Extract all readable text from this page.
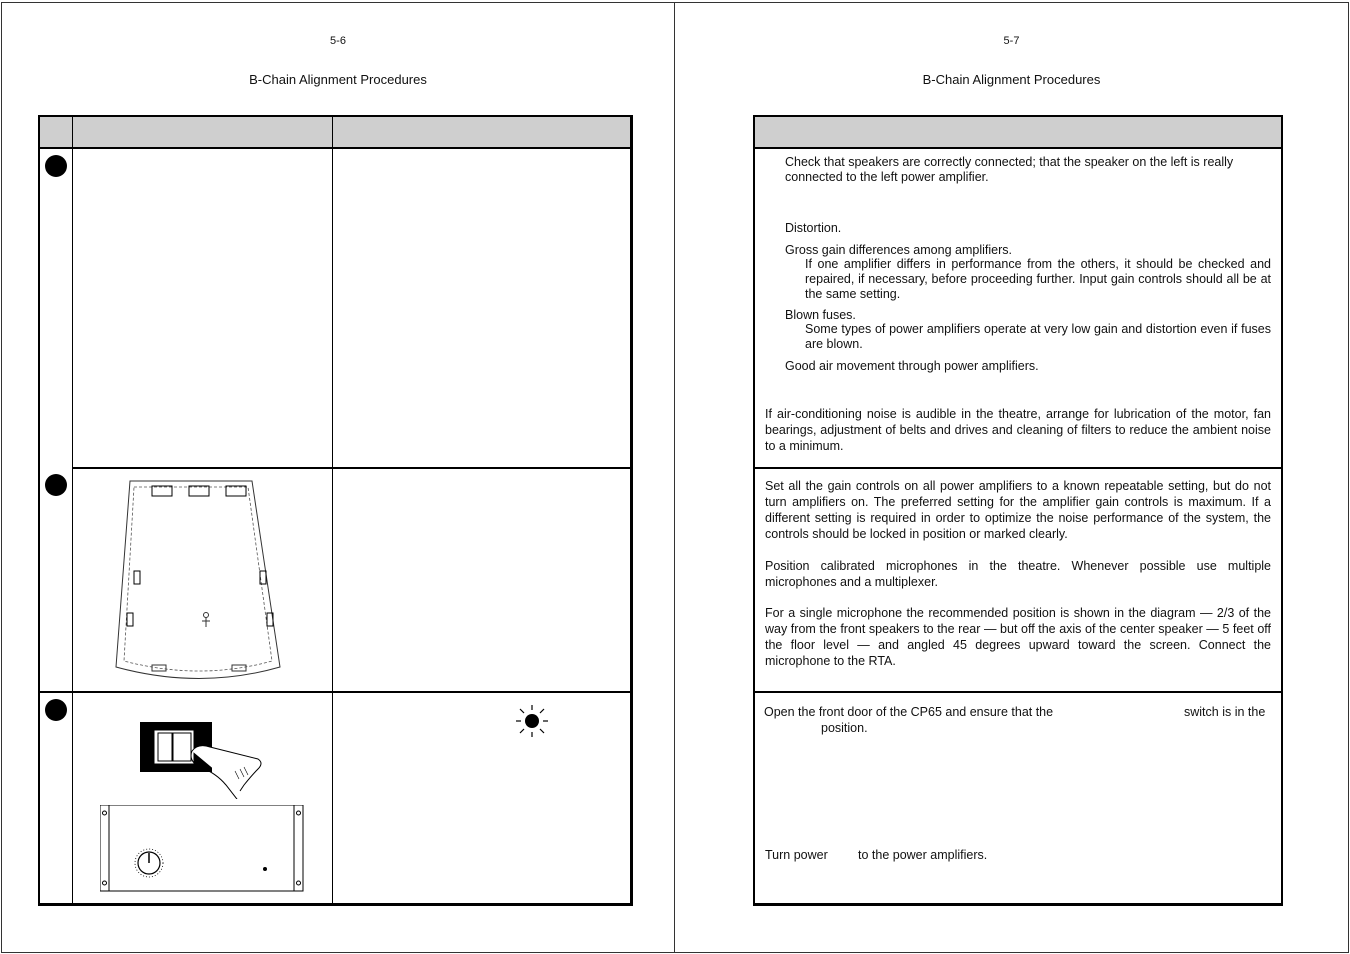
5-6
B-Chain Alignment Procedures
5-7
B-Chain Alignment Procedures
Check that speakers are correctly connected; that the speaker on the left is really connected to the left power amplifier.
Distortion.
Gross gain differences among amplifiers.
If one amplifier differs in performance from the others, it should be checked and repaired, if necessary, before proceeding further. Input gain controls should all be at the same setting.
Blown fuses.
Some types of power amplifiers operate at very low gain and distortion even if fuses are blown.
Good air movement through power amplifiers.
If air-conditioning noise is audible in the theatre, arrange for lubrication of the motor, fan bearings, adjustment of belts and drives and cleaning of filters to reduce the ambient noise to a minimum.
Set all the gain controls on all power amplifiers to a known repeatable setting, but do not turn amplifiers on. The preferred setting for the amplifier gain controls is maximum. If a different setting is required in order to optimize the noise performance of the system, the controls should be locked in position or marked clearly.
Position calibrated microphones in the theatre. Whenever possible use multiple microphones and a multiplexer.
For a single microphone the recommended position is shown in the diagram — 2/3 of the way from the front speakers to the rear — but off the axis of the center speaker — 5 feet off the floor level — and angled 45 degrees upward toward the screen. Connect the microphone to the RTA.
Open the front door of the CP65 and ensure that the	switch is in the
position.
Turn power to the power amplifiers.
